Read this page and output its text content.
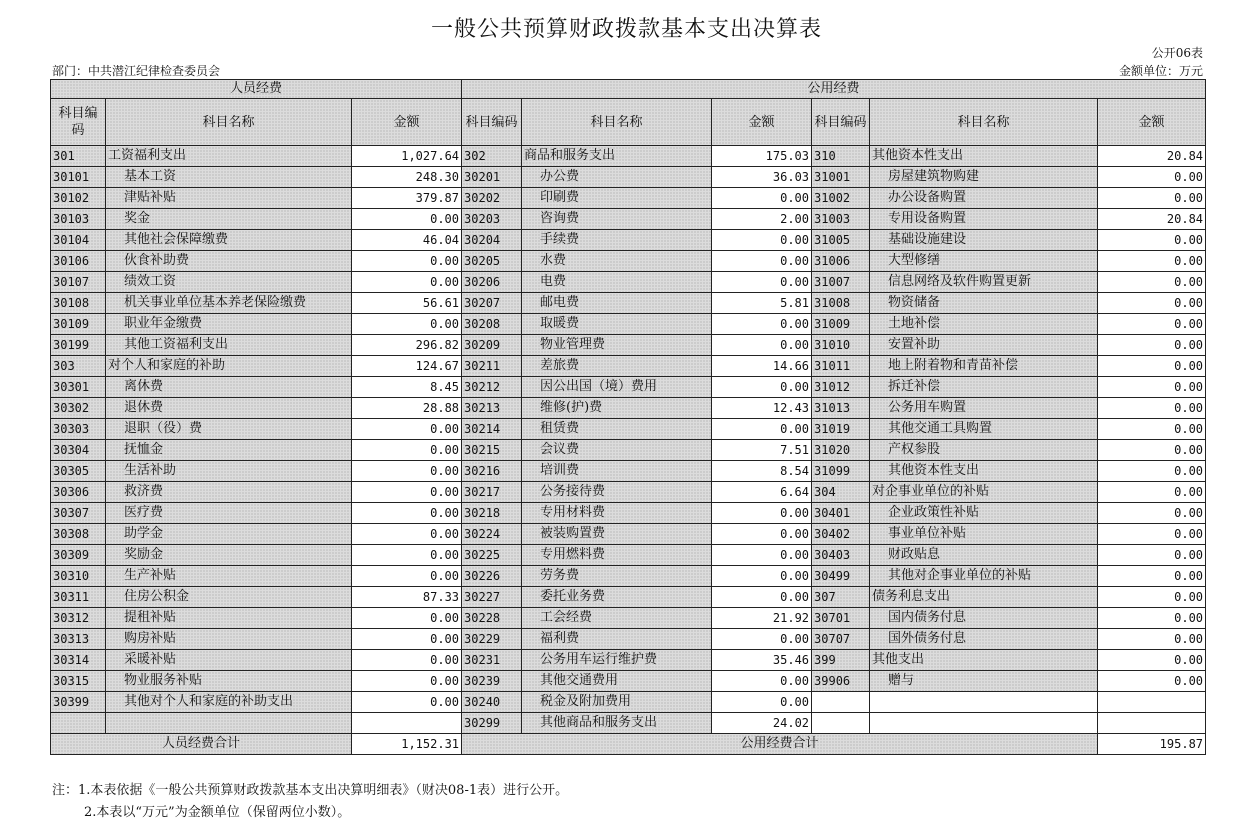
一般公共预算财政拨款基本支出决算表
公开06表
部门：中共潜江纪律检查委员会	金额单位：万元
人员经费			公用经费					
科目编码	科目名称	金额	科目编码	科目名称	金额	科目编码	科目名称	金额
301	工资福利支出	1,027.64	302	商品和服务支出	175.03	310	其他资本性支出	20.84
30101	基本工资	248.30	30201	办公费	36.03	31001	房屋建筑物购建	0.00
30102	津贴补贴	379.87	30202	印刷费	0.00	31002	办公设备购置	0.00
30103	奖金	0.00	30203	咨询费	2.00	31003	专用设备购置	20.84
30104	其他社会保障缴费	46.04	30204	手续费	0.00	31005	基础设施建设	0.00
30106	伙食补助费	0.00	30205	水费	0.00	31006	大型修缮	0.00
30107	绩效工资	0.00	30206	电费	0.00	31007	信息网络及软件购置更新	0.00
30108	机关事业单位基本养老保险缴费	56.61	30207	邮电费	5.81	31008	物资储备	0.00
30109	职业年金缴费	0.00	30208	取暖费	0.00	31009	土地补偿	0.00
30199	其他工资福利支出	296.82	30209	物业管理费	0.00	31010	安置补助	0.00
303	对个人和家庭的补助	124.67	30211	差旅费	14.66	31011	地上附着物和青苗补偿	0.00
30301	离休费	8.45	30212	因公出国（境）费用	0.00	31012	拆迁补偿	0.00
30302	退休费	28.88	30213	维修(护)费	12.43	31013	公务用车购置	0.00
30303	退职（役）费	0.00	30214	租赁费	0.00	31019	其他交通工具购置	0.00
30304	抚恤金	0.00	30215	会议费	7.51	31020	产权参股	0.00
30305	生活补助	0.00	30216	培训费	8.54	31099	其他资本性支出	0.00
30306	救济费	0.00	30217	公务接待费	6.64	304	对企事业单位的补贴	0.00
30307	医疗费	0.00	30218	专用材料费	0.00	30401	企业政策性补贴	0.00
30308	助学金	0.00	30224	被装购置费	0.00	30402	事业单位补贴	0.00
30309	奖励金	0.00	30225	专用燃料费	0.00	30403	财政贴息	0.00
30310	生产补贴	0.00	30226	劳务费	0.00	30499	其他对企事业单位的补贴	0.00
30311	住房公积金	87.33	30227	委托业务费	0.00	307	债务利息支出	0.00
30312	提租补贴	0.00	30228	工会经费	21.92	30701	国内债务付息	0.00
30313	购房补贴	0.00	30229	福利费	0.00	30707	国外债务付息	0.00
30314	采暖补贴	0.00	30231	公务用车运行维护费	35.46	399	其他支出	0.00
30315	物业服务补贴	0.00	30239	其他交通费用	0.00	39906	赠与	0.00
30399	其他对个人和家庭的补助支出	0.00	30240	税金及附加费用	0.00			
			30299	其他商品和服务支出	24.02			
人员经费合计		1,152.31	公用经费合计					195.87
注：1.本表依据《一般公共预算财政拨款基本支出决算明细表》（财决08-1表）进行公开。
2.本表以“万元”为金额单位（保留两位小数）。
